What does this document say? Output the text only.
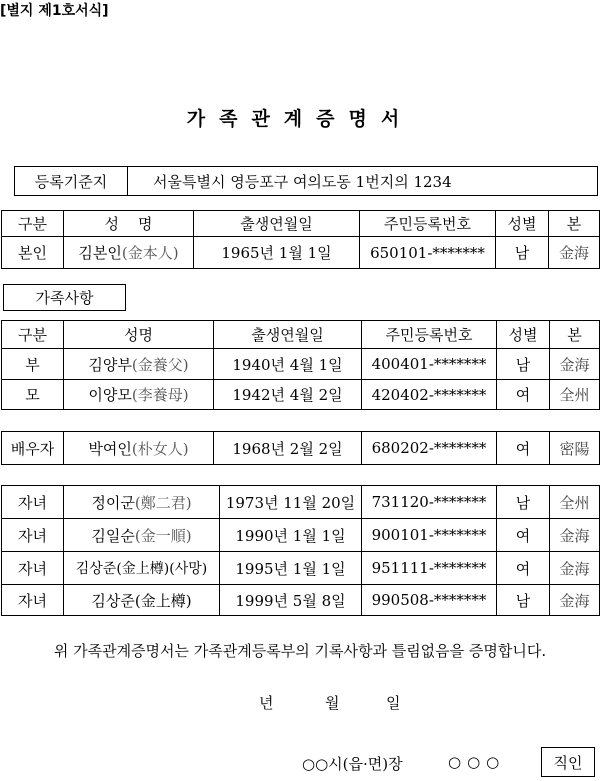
[별지 제1호서식]
가족관계증명서
등록기준지	서울특별시 영등포구 여의도동 1번지의 1234
구분	성    명	출생연월일	주민등록번호	성별	본
본인	김본인(金本人)	1965년 1월 1일	650101-*******	남	金海
가족사항
구분	성명	출생연월일	주민등록번호	성별	본
부	김양부(金養父)	1940년 4월 1일	400401-*******	남	金海
모	이양모(李養母)	1942년 4월 2일	420402-*******	여	全州
배우자	박여인(朴女人)	1968년 2월 2일	680202-*******	여	密陽
자녀	정이군(鄭二君)	1973년 11월 20일	731120-*******	남	全州
자녀	김일순(金一順)	1990년 1월 1일	900101-*******	여	金海
자녀	김상준(金上樽)(사망)	1995년 1월 1일	951111-*******	여	金海
자녀	김상준(金上樽)	1999년 5월 8일	990508-*******	남	金海
위 가족관계증명서는 가족관계등록부의 기록사항과 틀림없음을 증명합니다.
년	월	일
○○시(읍·면)장	○○○	직인
